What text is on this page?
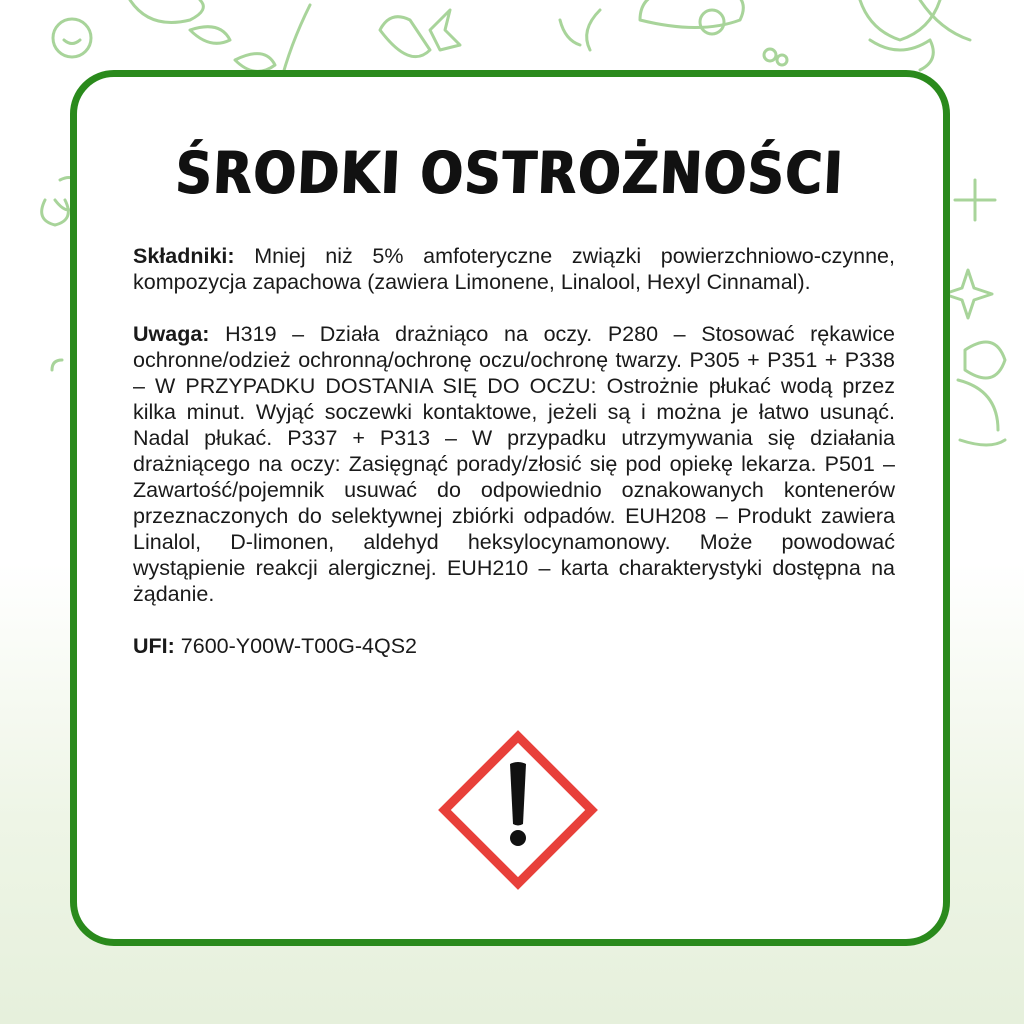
ŚRODKI OSTROŻNOŚCI

Składniki: Mniej niż 5% amfoteryczne związki powierzchniowo-czynne, kompozycja zapachowa (zawiera Limonene, Linalool, Hexyl Cinnamal).

Uwaga: H319 – Działa drażniąco na oczy. P280 – Stosować rękawice ochronne/odzież ochronną/ochronę oczu/ochronę twarzy. P305 + P351 + P338 – W PRZYPADKU DOSTANIA SIĘ DO OCZU: Ostrożnie płukać wodą przez kilka minut. Wyjąć soczewki kontaktowe, jeżeli są i można je łatwo usunąć. Nadal płukać. P337 + P313 – W przypadku utrzymywania się działania drażniącego na oczy: Zasięgnąć porady/złosić się pod opiekę lekarza. P501 – Zawartość/pojemnik usuwać do odpowiednio oznakowanych kontenerów przeznaczonych do selektywnej zbiórki odpadów. EUH208 – Produkt zawiera Linalol, D-limonen, aldehyd heksylocynamonowy. Może powodować wystąpienie reakcji alergicznej. EUH210 – karta charakterystyki dostępna na żądanie.

UFI: 7600-Y00W-T00G-4QS2
